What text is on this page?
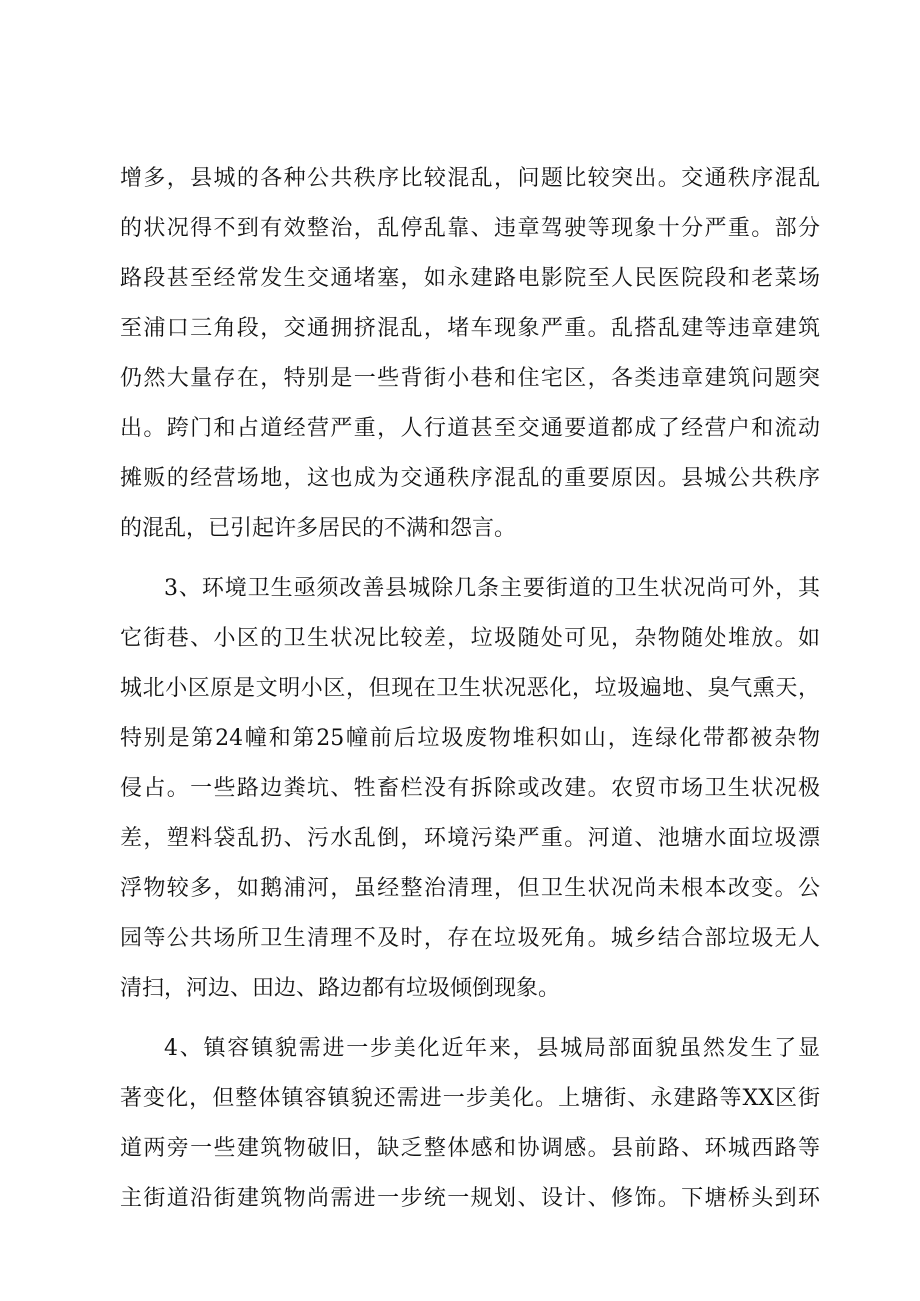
增多，县城的各种公共秩序比较混乱，问题比较突出。交通秩序混乱
的状况得不到有效整治，乱停乱靠、违章驾驶等现象十分严重。部分
路段甚至经常发生交通堵塞，如永建路电影院至人民医院段和老菜场
至浦口三角段，交通拥挤混乱，堵车现象严重。乱搭乱建等违章建筑
仍然大量存在，特别是一些背街小巷和住宅区，各类违章建筑问题突
出。跨门和占道经营严重，人行道甚至交通要道都成了经营户和流动
摊贩的经营场地，这也成为交通秩序混乱的重要原因。县城公共秩序
的混乱，已引起许多居民的不满和怨言。
3、环境卫生亟须改善县城除几条主要街道的卫生状况尚可外，其
它街巷、小区的卫生状况比较差，垃圾随处可见，杂物随处堆放。如
城北小区原是文明小区，但现在卫生状况恶化，垃圾遍地、臭气熏天，
特别是第24幢和第25幢前后垃圾废物堆积如山，连绿化带都被杂物
侵占。一些路边粪坑、牲畜栏没有拆除或改建。农贸市场卫生状况极
差，塑料袋乱扔、污水乱倒，环境污染严重。河道、池塘水面垃圾漂
浮物较多，如鹅浦河，虽经整治清理，但卫生状况尚未根本改变。公
园等公共场所卫生清理不及时，存在垃圾死角。城乡结合部垃圾无人
清扫，河边、田边、路边都有垃圾倾倒现象。
4、镇容镇貌需进一步美化近年来，县城局部面貌虽然发生了显
著变化，但整体镇容镇貌还需进一步美化。上塘街、永建路等XX区街
道两旁一些建筑物破旧，缺乏整体感和协调感。县前路、环城西路等
主街道沿街建筑物尚需进一步统一规划、设计、修饰。下塘桥头到环
